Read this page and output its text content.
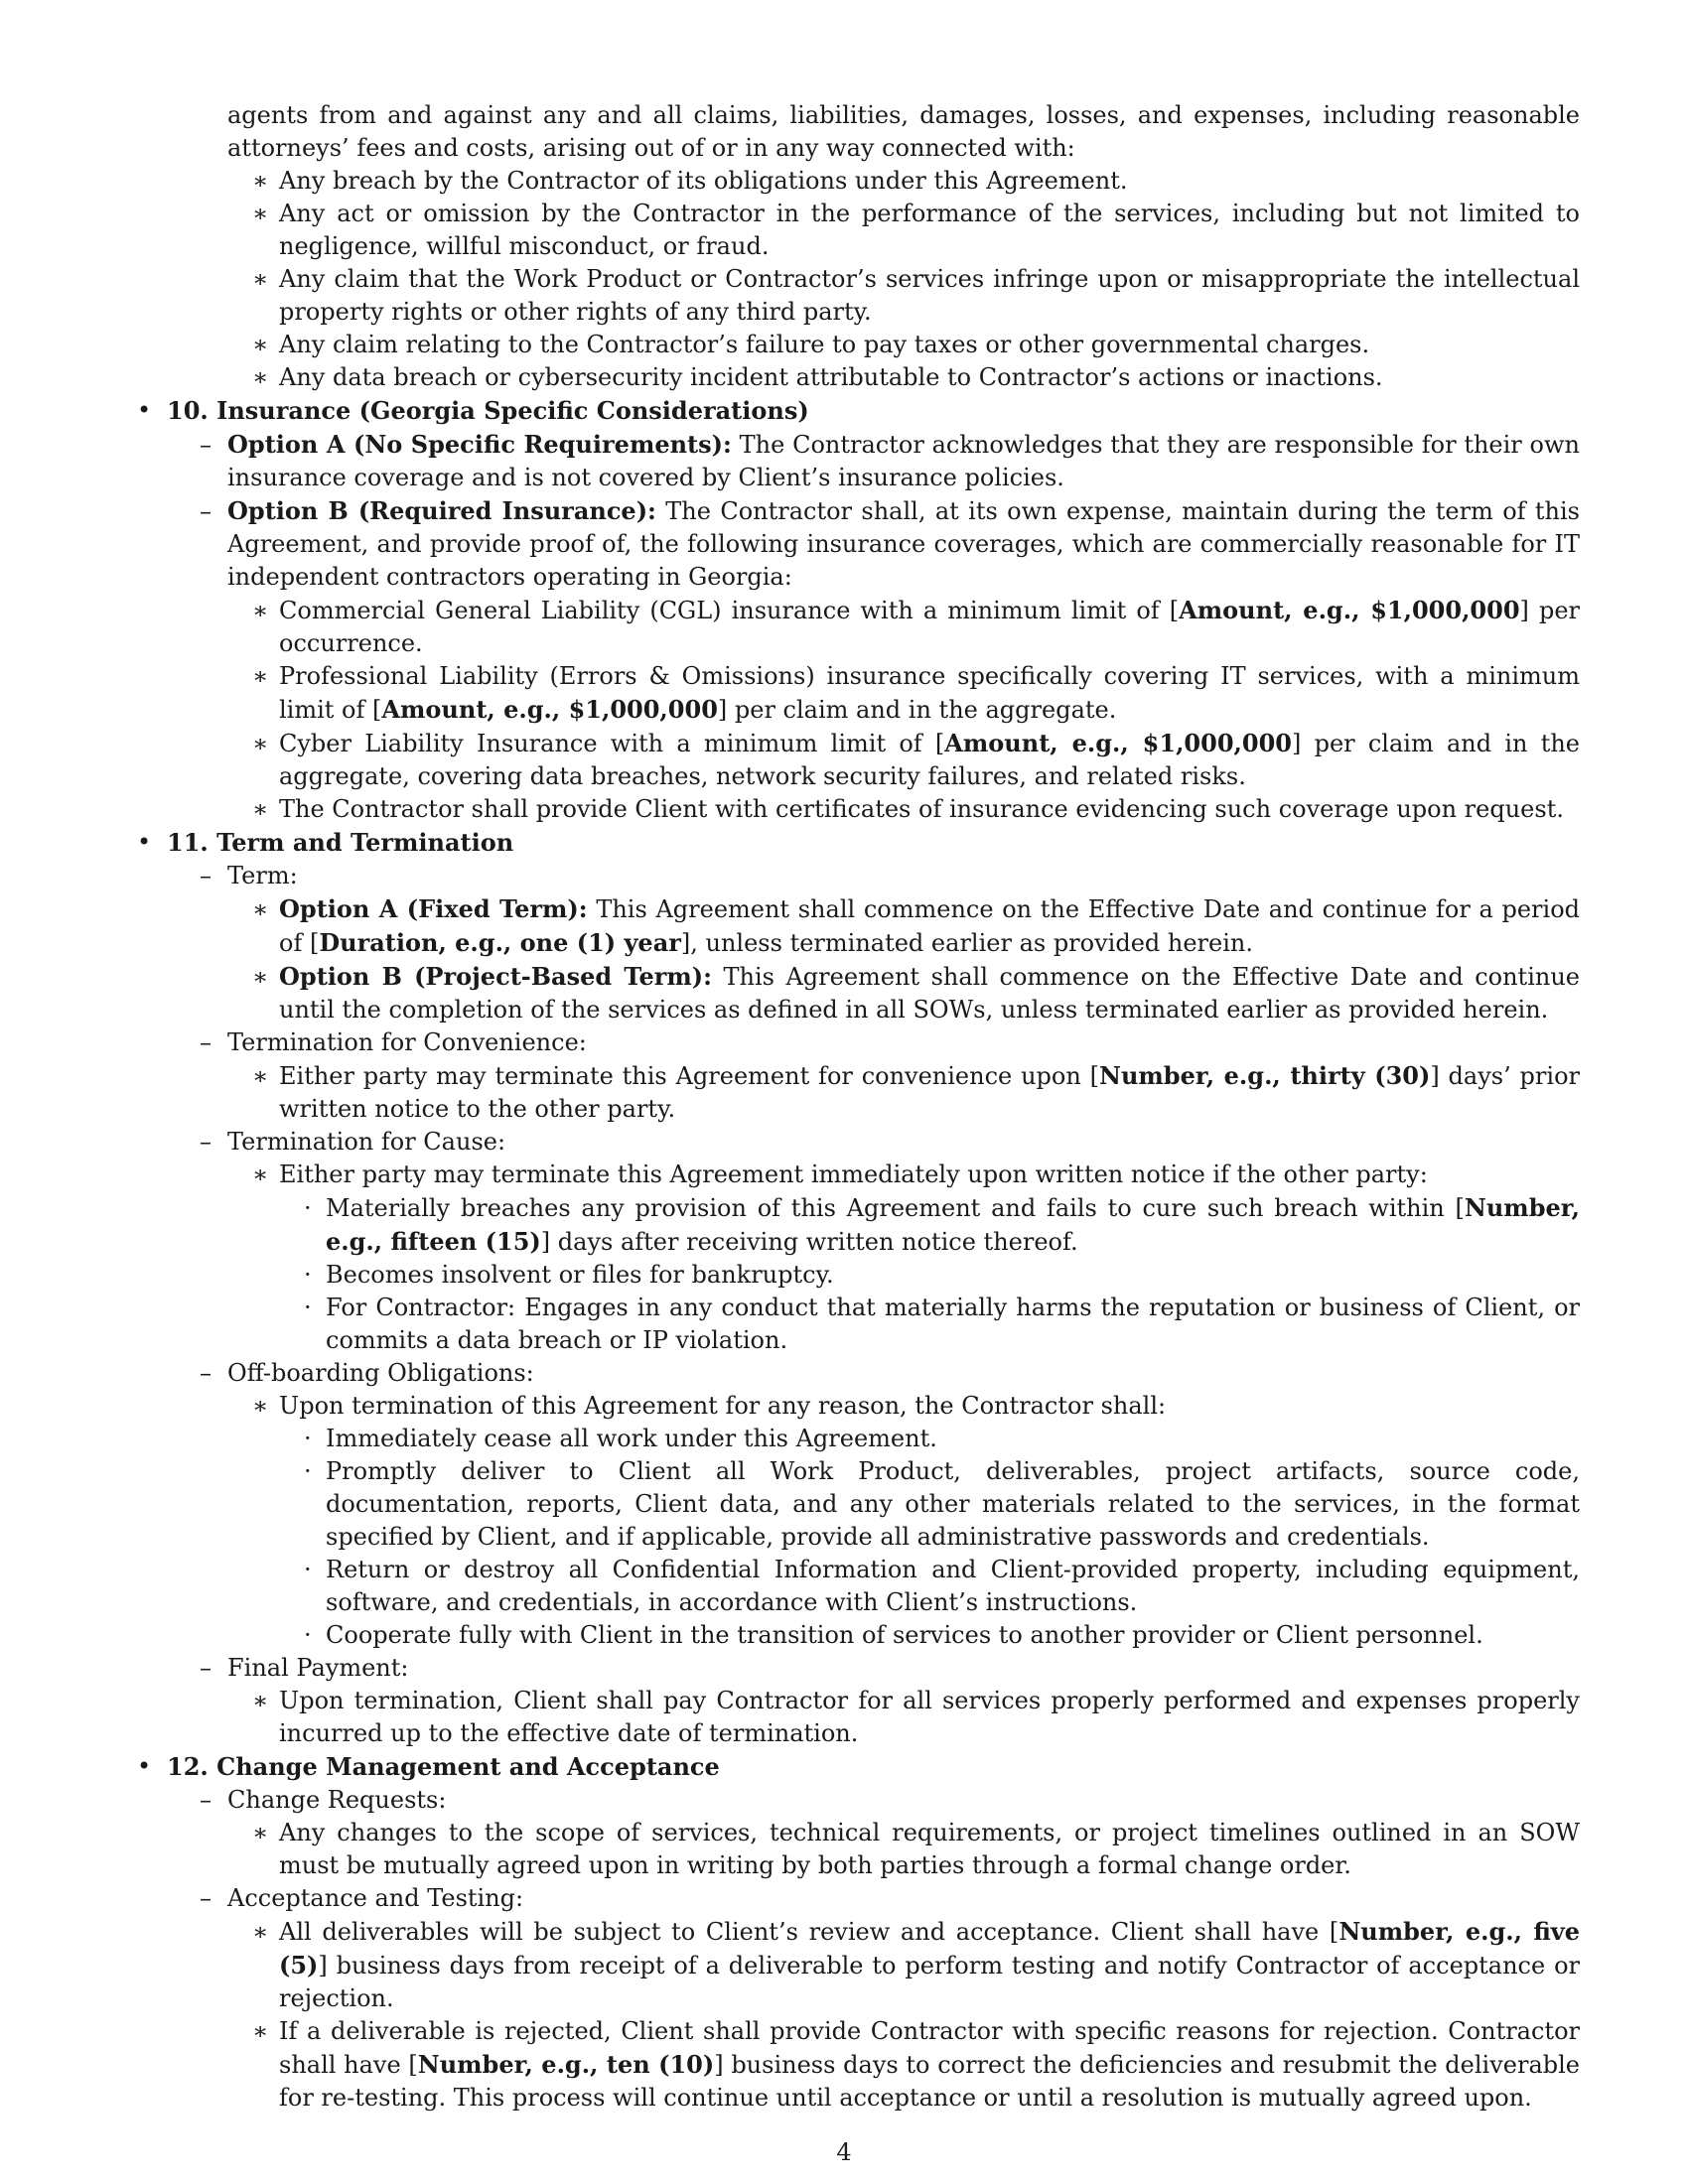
agents from and against any and all claims, liabilities, damages, losses, and expenses, including reasonable attorneys’ fees and costs, arising out of or in any way connected with:
∗ Any breach by the Contractor of its obligations under this Agreement.
∗ Any act or omission by the Contractor in the performance of the services, including but not limited to negligence, willful misconduct, or fraud.
∗ Any claim that the Work Product or Contractor’s services infringe upon or misappropriate the intellectual property rights or other rights of any third party.
∗ Any claim relating to the Contractor’s failure to pay taxes or other governmental charges.
∗ Any data breach or cybersecurity incident attributable to Contractor’s actions or inactions.
• 10. Insurance (Georgia Specific Considerations)
– Option A (No Specific Requirements): The Contractor acknowledges that they are responsible for their own insurance coverage and is not covered by Client’s insurance policies.
– Option B (Required Insurance): The Contractor shall, at its own expense, maintain during the term of this Agreement, and provide proof of, the following insurance coverages, which are commercially reasonable for IT independent contractors operating in Georgia:
∗ Commercial General Liability (CGL) insurance with a minimum limit of [Amount, e.g., $1,000,000] per occurrence.
∗ Professional Liability (Errors & Omissions) insurance specifically covering IT services, with a minimum limit of [Amount, e.g., $1,000,000] per claim and in the aggregate.
∗ Cyber Liability Insurance with a minimum limit of [Amount, e.g., $1,000,000] per claim and in the aggregate, covering data breaches, network security failures, and related risks.
∗ The Contractor shall provide Client with certificates of insurance evidencing such coverage upon request.
• 11. Term and Termination
– Term:
∗ Option A (Fixed Term): This Agreement shall commence on the Effective Date and continue for a period of [Duration, e.g., one (1) year], unless terminated earlier as provided herein.
∗ Option B (Project-Based Term): This Agreement shall commence on the Effective Date and continue until the completion of the services as defined in all SOWs, unless terminated earlier as provided herein.
– Termination for Convenience:
∗ Either party may terminate this Agreement for convenience upon [Number, e.g., thirty (30)] days’ prior written notice to the other party.
– Termination for Cause:
∗ Either party may terminate this Agreement immediately upon written notice if the other party:
· Materially breaches any provision of this Agreement and fails to cure such breach within [Number, e.g., fifteen (15)] days after receiving written notice thereof.
· Becomes insolvent or files for bankruptcy.
· For Contractor: Engages in any conduct that materially harms the reputation or business of Client, or commits a data breach or IP violation.
– Off-boarding Obligations:
∗ Upon termination of this Agreement for any reason, the Contractor shall:
· Immediately cease all work under this Agreement.
· Promptly deliver to Client all Work Product, deliverables, project artifacts, source code, documentation, reports, Client data, and any other materials related to the services, in the format specified by Client, and if applicable, provide all administrative passwords and credentials.
· Return or destroy all Confidential Information and Client-provided property, including equipment, software, and credentials, in accordance with Client’s instructions.
· Cooperate fully with Client in the transition of services to another provider or Client personnel.
– Final Payment:
∗ Upon termination, Client shall pay Contractor for all services properly performed and expenses properly incurred up to the effective date of termination.
• 12. Change Management and Acceptance
– Change Requests:
∗ Any changes to the scope of services, technical requirements, or project timelines outlined in an SOW must be mutually agreed upon in writing by both parties through a formal change order.
– Acceptance and Testing:
∗ All deliverables will be subject to Client’s review and acceptance. Client shall have [Number, e.g., five (5)] business days from receipt of a deliverable to perform testing and notify Contractor of acceptance or rejection.
∗ If a deliverable is rejected, Client shall provide Contractor with specific reasons for rejection. Contractor shall have [Number, e.g., ten (10)] business days to correct the deficiencies and resubmit the deliverable for re-testing. This process will continue until acceptance or until a resolution is mutually agreed upon.
4
